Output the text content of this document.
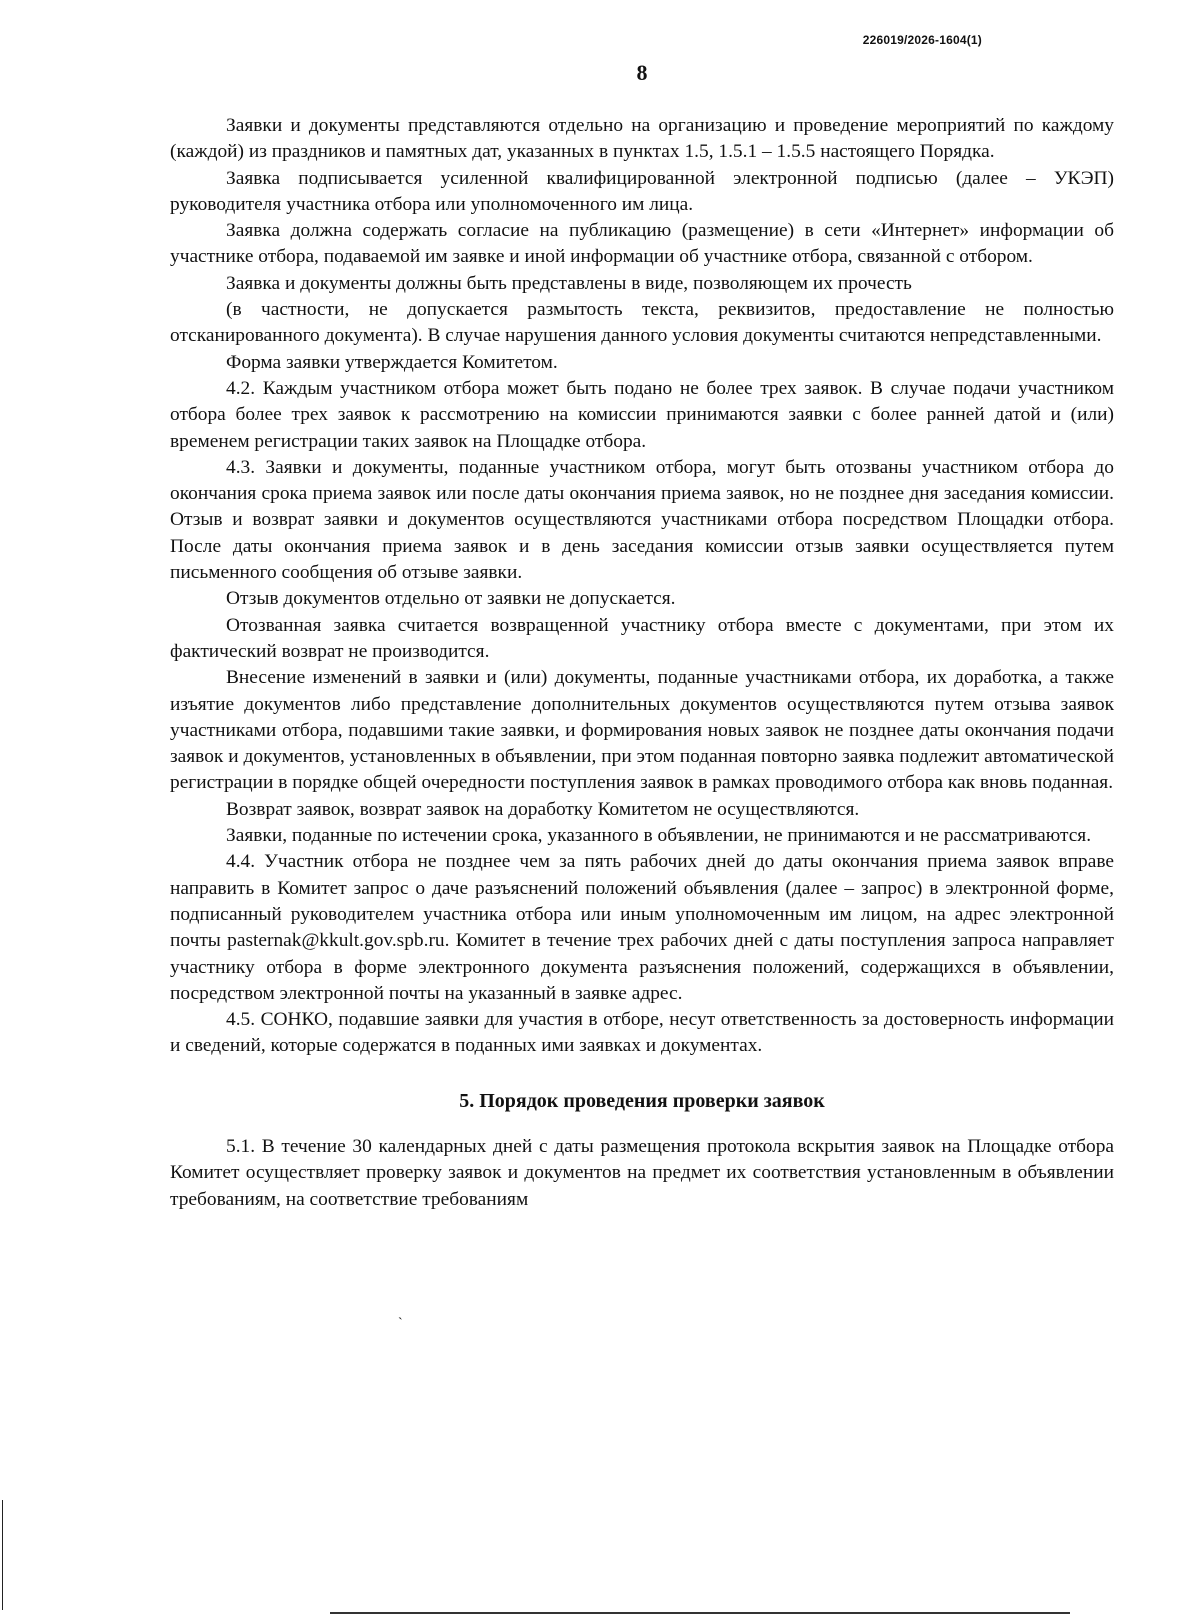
226019/2026-1604(1)
8

Заявки и документы представляются отдельно на организацию и проведение мероприятий по каждому (каждой) из праздников и памятных дат, указанных в пунктах 1.5, 1.5.1 – 1.5.5 настоящего Порядка.

Заявка подписывается усиленной квалифицированной электронной подписью (далее – УКЭП) руководителя участника отбора или уполномоченного им лица.

Заявка должна содержать согласие на публикацию (размещение) в сети «Интернет» информации об участнике отбора, подаваемой им заявке и иной информации об участнике отбора, связанной с отбором.

Заявка и документы должны быть представлены в виде, позволяющем их прочесть

(в частности, не допускается размытость текста, реквизитов, предоставление не полностью отсканированного документа). В случае нарушения данного условия документы считаются непредставленными.

Форма заявки утверждается Комитетом.

4.2. Каждым участником отбора может быть подано не более трех заявок. В случае подачи участником отбора более трех заявок к рассмотрению на комиссии принимаются заявки с более ранней датой и (или) временем регистрации таких заявок на Площадке отбора.

4.3. Заявки и документы, поданные участником отбора, могут быть отозваны участником отбора до окончания срока приема заявок или после даты окончания приема заявок, но не позднее дня заседания комиссии. Отзыв и возврат заявки и документов осуществляются участниками отбора посредством Площадки отбора. После даты окончания приема заявок и в день заседания комиссии отзыв заявки осуществляется путем письменного сообщения об отзыве заявки.

Отзыв документов отдельно от заявки не допускается.

Отозванная заявка считается возвращенной участнику отбора вместе с документами, при этом их фактический возврат не производится.

Внесение изменений в заявки и (или) документы, поданные участниками отбора, их доработка, а также изъятие документов либо представление дополнительных документов осуществляются путем отзыва заявок участниками отбора, подавшими такие заявки, и формирования новых заявок не позднее даты окончания подачи заявок и документов, установленных в объявлении, при этом поданная повторно заявка подлежит автоматической регистрации в порядке общей очередности поступления заявок в рамках проводимого отбора как вновь поданная.

Возврат заявок, возврат заявок на доработку Комитетом не осуществляются.

Заявки, поданные по истечении срока, указанного в объявлении, не принимаются и не рассматриваются.

4.4. Участник отбора не позднее чем за пять рабочих дней до даты окончания приема заявок вправе направить в Комитет запрос о даче разъяснений положений объявления (далее – запрос) в электронной форме, подписанный руководителем участника отбора или иным уполномоченным им лицом, на адрес электронной почты pasternak@kkult.gov.spb.ru. Комитет в течение трех рабочих дней с даты поступления запроса направляет участнику отбора в форме электронного документа разъяснения положений, содержащихся в объявлении, посредством электронной почты на указанный в заявке адрес.

4.5. СОНКО, подавшие заявки для участия в отборе, несут ответственность за достоверность информации и сведений, которые содержатся в поданных ими заявках и документах.

5. Порядок проведения проверки заявок

5.1. В течение 30 календарных дней с даты размещения протокола вскрытия заявок на Площадке отбора Комитет осуществляет проверку заявок и документов на предмет их соответствия установленным в объявлении требованиям, на соответствие требованиям

`
